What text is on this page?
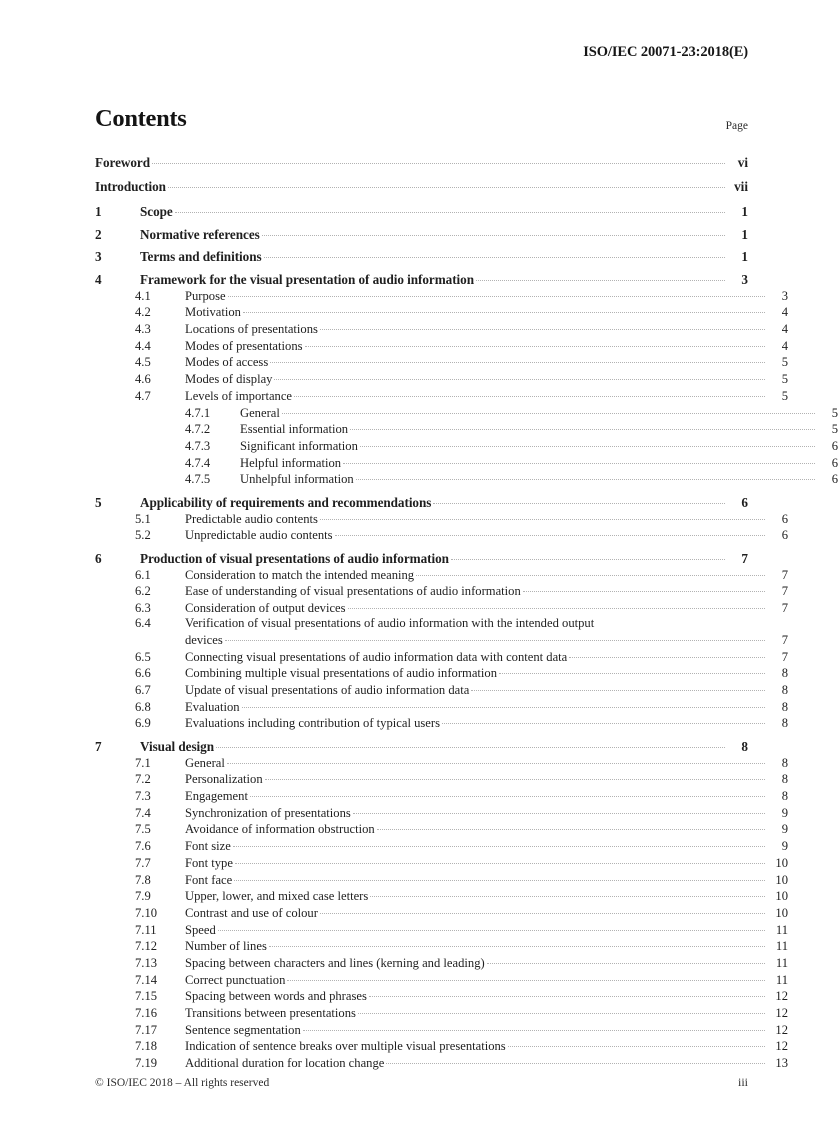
ISO/IEC 20071-23:2018(E)
Contents	Page
Foreword	vi
Introduction	vii
1	Scope	1
2	Normative references	1
3	Terms and definitions	1
4	Framework for the visual presentation of audio information	3
4.1	Purpose	3
4.2	Motivation	4
4.3	Locations of presentations	4
4.4	Modes of presentations	4
4.5	Modes of access	5
4.6	Modes of display	5
4.7	Levels of importance	5
4.7.1	General	5
4.7.2	Essential information	5
4.7.3	Significant information	6
4.7.4	Helpful information	6
4.7.5	Unhelpful information	6
5	Applicability of requirements and recommendations	6
5.1	Predictable audio contents	6
5.2	Unpredictable audio contents	6
6	Production of visual presentations of audio information	7
6.1	Consideration to match the intended meaning	7
6.2	Ease of understanding of visual presentations of audio information	7
6.3	Consideration of output devices	7
6.4	Verification of visual presentations of audio information with the intended output
devices	7
6.5	Connecting visual presentations of audio information data with content data	7
6.6	Combining multiple visual presentations of audio information	8
6.7	Update of visual presentations of audio information data	8
6.8	Evaluation	8
6.9	Evaluations including contribution of typical users	8
7	Visual design	8
7.1	General	8
7.2	Personalization	8
7.3	Engagement	8
7.4	Synchronization of presentations	9
7.5	Avoidance of information obstruction	9
7.6	Font size	9
7.7	Font type	10
7.8	Font face	10
7.9	Upper, lower, and mixed case letters	10
7.10	Contrast and use of colour	10
7.11	Speed	11
7.12	Number of lines	11
7.13	Spacing between characters and lines (kerning and leading)	11
7.14	Correct punctuation	11
7.15	Spacing between words and phrases	12
7.16	Transitions between presentations	12
7.17	Sentence segmentation	12
7.18	Indication of sentence breaks over multiple visual presentations	12
7.19	Additional duration for location change	13
© ISO/IEC 2018 – All rights reserved	iii
